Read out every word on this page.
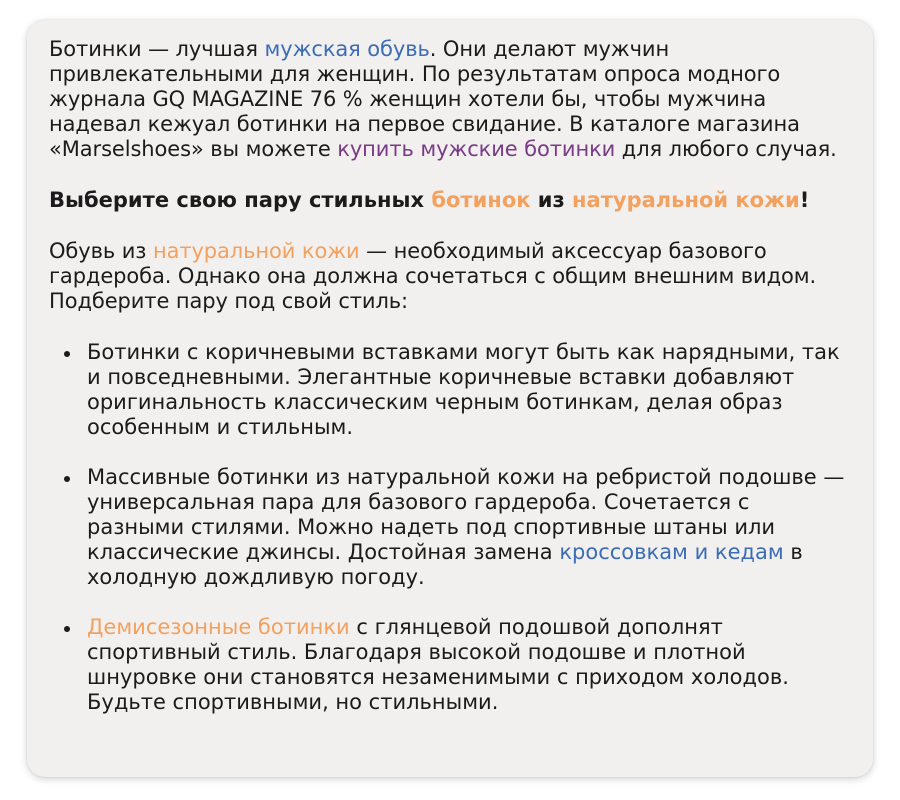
Ботинки — лучшая мужская обувь. Они делают мужчин привлекательными для женщин. По результатам опроса модного журнала GQ MAGAZINE 76 % женщин хотели бы, чтобы мужчина надевал кежуал ботинки на первое свидание. В каталоге магазина «Marselshoes» вы можете купить мужские ботинки для любого случая.

Выберите свою пару стильных ботинок из натуральной кожи!

Обувь из натуральной кожи — необходимый аксессуар базового гардероба. Однако она должна сочетаться с общим внешним видом. Подберите пару под свой стиль:

Ботинки с коричневыми вставками могут быть как нарядными, так и повседневными. Элегантные коричневые вставки добавляют оригинальность классическим черным ботинкам, делая образ особенным и стильным.
Массивные ботинки из натуральной кожи на ребристой подошве — универсальная пара для базового гардероба. Сочетается с разными стилями. Можно надеть под спортивные штаны или классические джинсы. Достойная замена кроссовкам и кедам в холодную дождливую погоду.
Демисезонные ботинки с глянцевой подошвой дополнят спортивный стиль. Благодаря высокой подошве и плотной шнуровке они становятся незаменимыми с приходом холодов. Будьте спортивными, но стильными.
